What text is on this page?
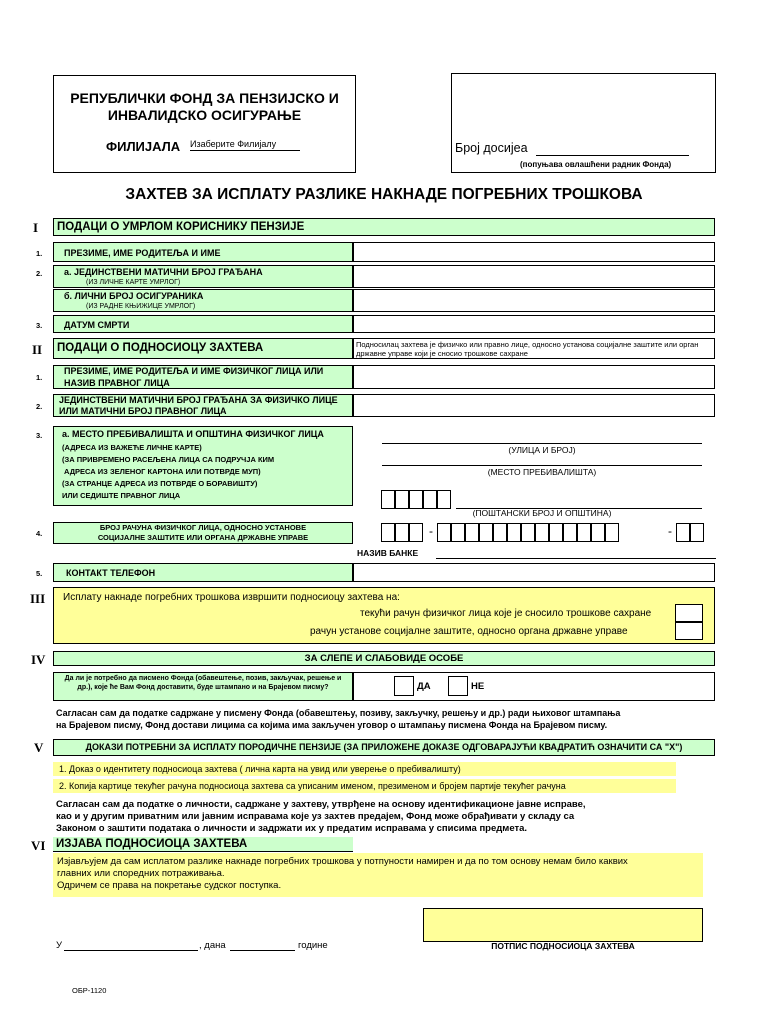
РЕПУБЛИЧКИ ФОНД ЗА ПЕНЗИЈСКО И
ИНВАЛИДСКО ОСИГУРАЊЕ
ФИЛИЈАЛА Изаберите Филијалу	Број досијеа
(попуњава овлашћени радник Фонда)
ЗАХТЕВ ЗА ИСПЛАТУ РАЗЛИКЕ НАКНАДЕ ПОГРЕБНИХ ТРОШКОВА
I	ПОДАЦИ О УМРЛОМ КОРИСНИКУ ПЕНЗИЈЕ
1.	ПРЕЗИМЕ, ИМЕ РОДИТЕЉА И ИМЕ
2. а. ЈЕДИНСТВЕНИ МАТИЧНИ БРОЈ ГРАЂАНА
(ИЗ ЛИЧНЕ КАРТЕ УМРЛОГ)
б. ЛИЧНИ БРОЈ ОСИГУРАНИКА
(ИЗ РАДНЕ КЊИЖИЦЕ УМРЛОГ)
3.	ДАТУМ СМРТИ
II	ПОДАЦИ О ПОДНОСИОЦУ ЗАХТЕВА	Подносилац захтева је физичко или правно лице, односно установа социјалне заштите или орган државне управе који је сносио трошкове сахране
1.
ПРЕЗИМЕ, ИМЕ РОДИТЕЉА И ИМЕ ФИЗИЧКОГ ЛИЦА ИЛИ НАЗИВ ПРАВНОГ ЛИЦА
2.
ЈЕДИНСТВЕНИ МАТИЧНИ БРОЈ ГРАЂАНА ЗА ФИЗИЧКО ЛИЦЕ ИЛИ МАТИЧНИ БРОЈ ПРАВНОГ ЛИЦА
3. а. МЕСТО ПРЕБИВАЛИШТА И ОПШТИНА ФИЗИЧКОГ ЛИЦА
(АДРЕСА ИЗ ВАЖЕЋЕ ЛИЧНЕ КАРТЕ)
(ЗА ПРИВРЕМЕНО РАСЕЉЕНА ЛИЦА СА ПОДРУЧЈА КИМ
АДРЕСА ИЗ ЗЕЛЕНОГ КАРТОНА ИЛИ ПОТВРДЕ МУП)
(ЗА СТРАНЦЕ АДРЕСА ИЗ ПОТВРДЕ О БОРАВИШТУ)
ИЛИ СЕДИШТЕ ПРАВНОГ ЛИЦА
(УЛИЦА И БРОЈ)
(МЕСТО ПРЕБИВАЛИШТА)
(ПОШТАНСКИ БРОЈ И ОПШТИНА)
4.
БРОЈ РАЧУНА ФИЗИЧКОГ ЛИЦА, ОДНОСНО УСТАНОВЕ СОЦИЈАЛНЕ ЗАШТИТЕ ИЛИ ОРГАНА ДРЖАВНЕ УПРАВЕ	-	-
НАЗИВ БАНКЕ
5.	КОНТАКТ ТЕЛЕФОН
III Исплату накнаде погребних трошкова извршити подносиоцу захтева на:
текући рачун физичког лица које је сносило трошкове сахране
рачун установе социјалне заштите, односно органа државне управе
IV	ЗА СЛЕПЕ И СЛАБОВИДЕ ОСОБЕ
Да ли је потребно да писмено Фонда (обавештење, позив, закључак, решење и др.), које ће Вам Фонд доставити, буде штампано и на Брајевом писму?	ДА	НЕ
Сагласан сам да податке садржане у писмену Фонда (обавештењу, позиву, закључку, решењу и др.) ради њиховог штампања
на Брајевом писму, Фонд достави лицима са којима има закључен уговор о штампању писмена Фонда на Брајевом писму.
V	ДОКАЗИ ПОТРЕБНИ ЗА ИСПЛАТУ ПОРОДИЧНЕ ПЕНЗИЈЕ (ЗА ПРИЛОЖЕНЕ ДОКАЗЕ ОДГОВАРАЈУЋИ КВАДРАТИЋ ОЗНАЧИТИ СА "Х")
1. Доказ о идентитету подносиоца захтева ( лична карта на увид или уверење о пребивалишту)
2. Копија картице текућег рачуна подносиоца захтева са уписаним именом, презименом и бројем партије текућег рачуна
Сагласан сам да податке о личности, садржане у захтеву, утврђене на основу идентификационе јавне исправе,
као и у другим приватним или јавним исправама које уз захтев предајем, Фонд може обрађивати у складу са
Законом о заштити података о личности и задржати их у предатим исправама у списима предмета.
VI ИЗЈАВА ПОДНОСИОЦА ЗАХТЕВА
Изјављујем да сам исплатом разлике накнаде погребних трошкова у потпуности намирен и да по том основу немам било каквих
главних или споредних потраживања.
Одричем се права на покретање судског поступка.
У	, дана	године	ПОТПИС ПОДНОСИОЦА ЗАХТЕВА
ОБР-1120
